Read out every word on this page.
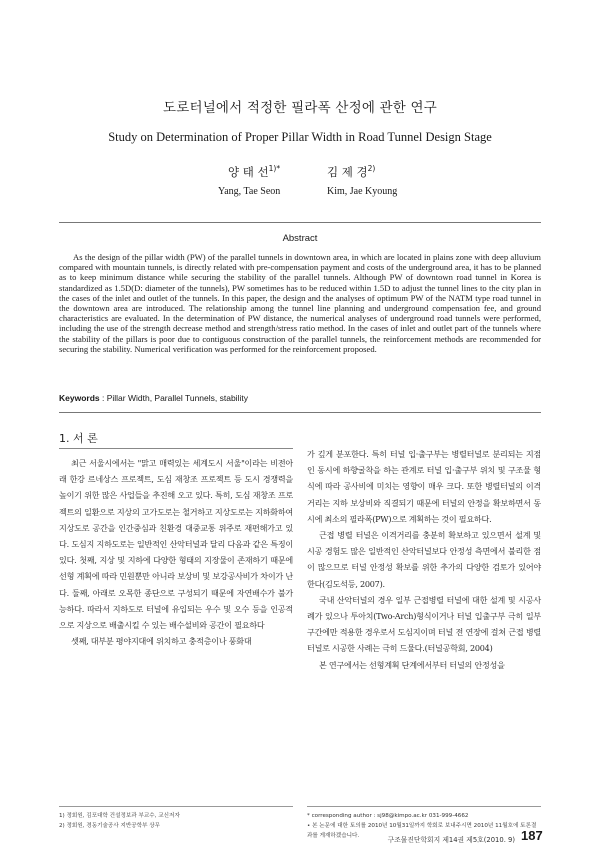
도로터널에서 적정한 필라폭 산정에 관한 연구
Study on Determination of Proper Pillar Width in Road Tunnel Design Stage
양 태 선$^{1)*}$	김 제 경$^{2)}$
Yang, Tae Seon	Kim, Jae Kyoung
Abstract

As the design of the pillar width (PW) of the parallel tunnels in downtown area, in which are located in plains zone with deep alluvium compared with mountain tunnels, is directly related with pre-compensation payment and costs of the underground area, it has to be planned as to keep minimum distance while securing the stability of the parallel tunnels. Although PW of downtown road tunnel in Korea is standardized as 1.5D(D: diameter of the tunnels), PW sometimes has to be reduced within 1.5D to adjust the tunnel lines to the city plan in the cases of the inlet and outlet of the tunnels. In this paper, the design and the analyses of optimum PW of the NATM type road tunnel in the downtown area are introduced. The relationship among the tunnel line planning and underground compensation fee, and ground characteristics are evaluated. In the determination of PW distance, the numerical analyses of underground road tunnels were performed, including the use of the strength decrease method and strength/stress ratio method. In the cases of inlet and outlet part of the tunnels where the stability of the pillars is poor due to contiguous construction of the parallel tunnels, the reinforcement methods are recommended for securing the stability. Numerical verification was performed for the reinforcement proposed.

Keywords : Pillar Width, Parallel Tunnels, stability
1. 서 론

최근 서울시에서는 "맑고 매력있는 세계도시 서울"이라는 비전아래 한강 르네상스 프로젝트, 도심 재창조 프로젝트 등 도시 경쟁력을 높이기 위한 많은 사업들을 추진해 오고 있다. 특히, 도심 재창조 프로젝트의 일환으로 지상의 고가도로는 철거하고 지상도로는 지하화하여 지상도로 공간을 인간중심과 친환경 대중교통 위주로 재편해가고 있다. 도심지 지하도로는 일반적인 산악터널과 달리 다음과 같은 특징이 있다. 첫째, 지상 및 지하에 다양한 형태의 지장물이 존재하기 때문에 선형 계획에 따라 민원뿐만 아니라 보상비 및 보강공사비가 차이가 난다. 둘째, 아래로 오목한 종단으로 구성되기 때문에 자연배수가 불가능하다. 따라서 지하도로 터널에 유입되는 우수 및 오수 등을 인공적으로 지상으로 배출시킬 수 있는 배수설비와 공간이 필요하다

셋째, 대부분 평야지대에 위치하고 충적층이나 풍화대

가 깊게 분포한다. 특히 터널 입·출구부는 병렬터널로 분리되는 지점인 동시에 하향굴착을 하는 관계로 터널 입·출구부 위치 및 구조물 형식에 따라 공사비에 미치는 영향이 매우 크다. 또한 병렬터널의 이격거리는 지하 보상비와 직결되기 때문에 터널의 안정을 확보하면서 동시에 최소의 필라폭(PW)으로 계획하는 것이 필요하다.

근접 병렬 터널은 이격거리를 충분히 확보하고 있으면서 설계 및 시공 경험도 많은 일반적인 산악터널보다 안정성 측면에서 불리한 점이 많으므로 터널 안정성 확보를 위한 추가의 다양한 검토가 있어야 한다(김도석등, 2007).

국내 산악터널의 경우 일부 근접병렬 터널에 대한 설계 및 시공사례가 있으나 투아치(Two-Arch)형식이거나 터널 입출구부 극히 일부구간에만 적용한 경우로서 도심지이며 터널 전 연장에 걸쳐 근접 병렬 터널로 시공한 사례는 극히 드물다.(터널공학회, 2004)

본 연구에서는 선형계획 단계에서부터 터널의 안정성을

1) 정회원, 김포대학 건설정보과 부교수, 교신저자
2) 정회원, 경동기술공사 지반공학부 상무
* corresponding author : sj98@kimpo.ac.kr 031-999-4662
• 본 논문에 대한 토의를 2010년 10월31일까지 학회로 보내주시면 2010년 11월호에 토론결과를 게재하겠습니다.	구조물진단학회지 제14권 제5호(2010. 9) 187
